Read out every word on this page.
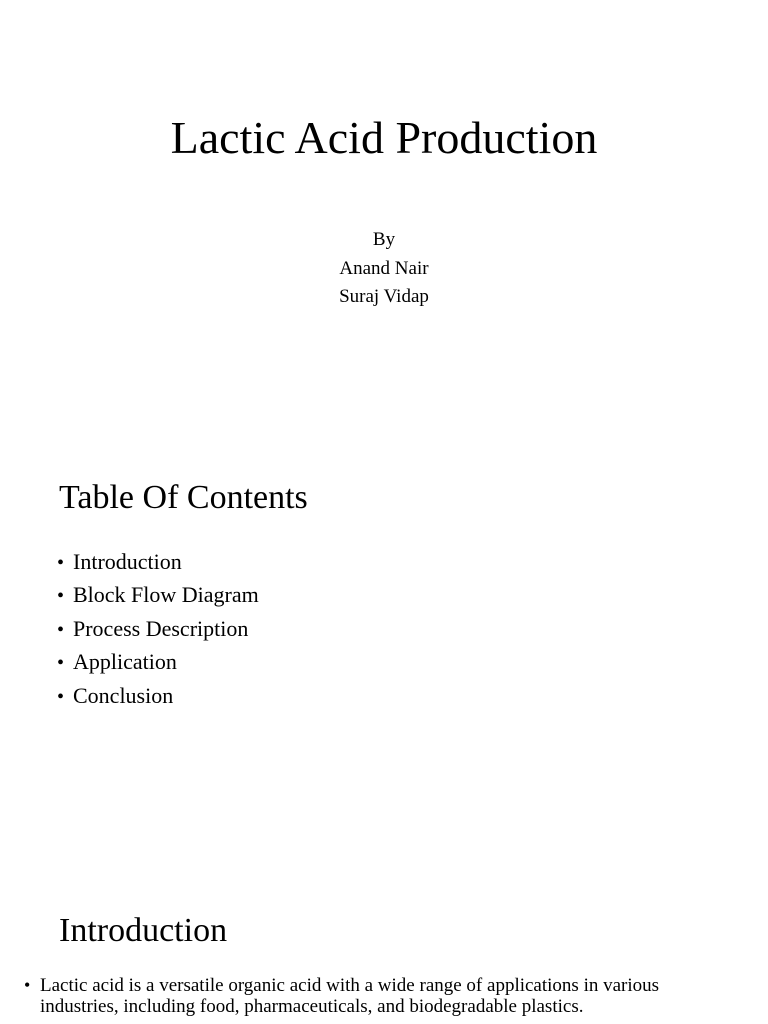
Lactic Acid Production
By
Anand Nair
Suraj Vidap
Table Of Contents
• Introduction
• Block Flow Diagram
• Process Description
• Application
• Conclusion
Introduction
• Lactic acid is a versatile organic acid with a wide range of applications in various industries, including food, pharmaceuticals, and biodegradable plastics.
